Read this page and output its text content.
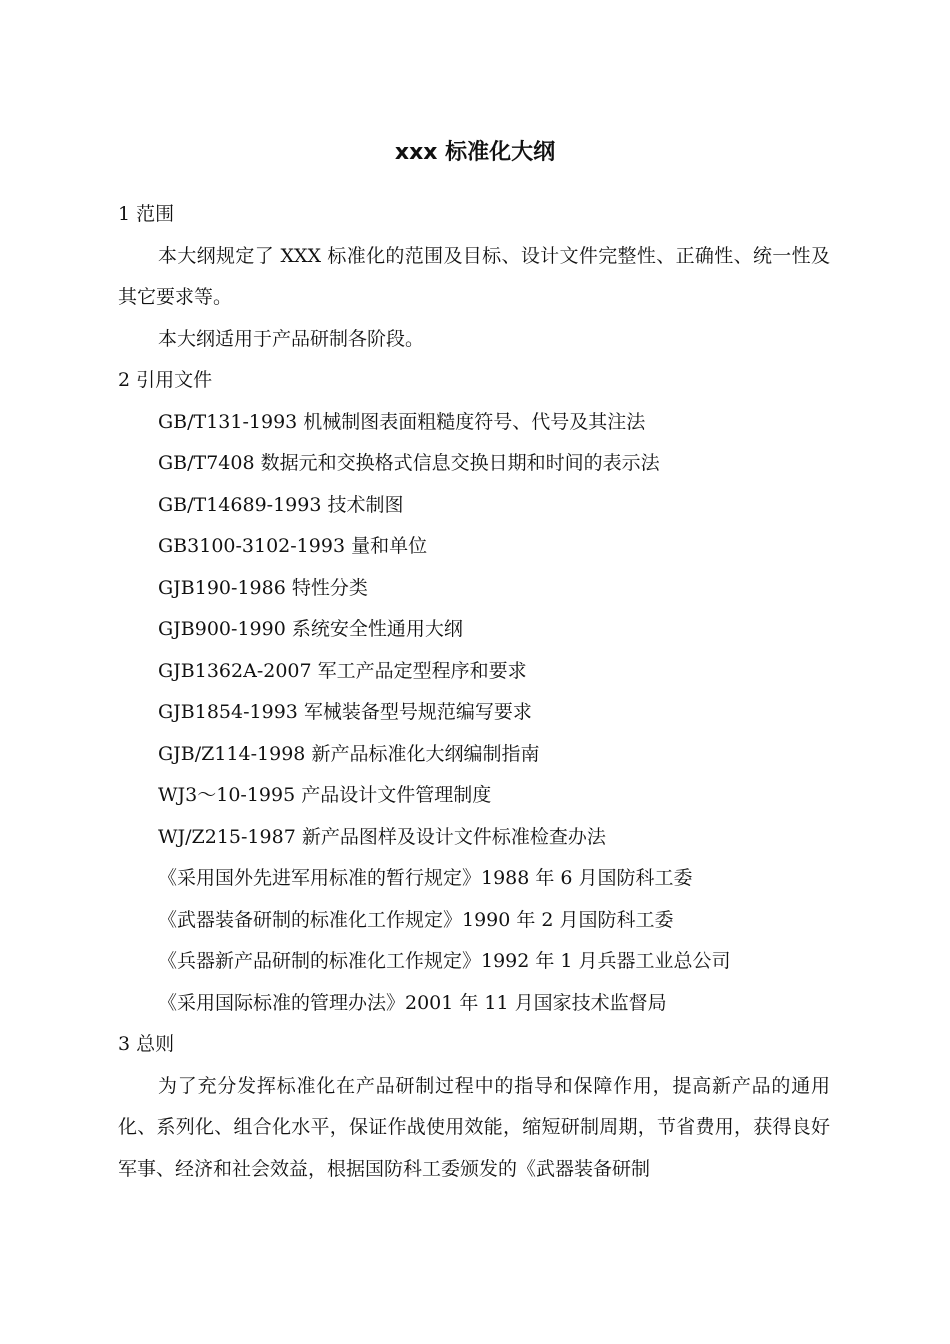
xxx 标准化大纲

1 范围

本大纲规定了 XXX 标准化的范围及目标、设计文件完整性、正确性、统一性及其它要求等。

本大纲适用于产品研制各阶段。

2 引用文件

GB/T131-1993 机械制图表面粗糙度符号、代号及其注法
GB/T7408 数据元和交换格式信息交换日期和时间的表示法
GB/T14689-1993 技术制图
GB3100-3102-1993 量和单位
GJB190-1986 特性分类
GJB900-1990 系统安全性通用大纲
GJB1362A-2007 军工产品定型程序和要求
GJB1854-1993 军械装备型号规范编写要求
GJB/Z114-1998 新产品标准化大纲编制指南
WJ3～10-1995 产品设计文件管理制度
WJ/Z215-1987 新产品图样及设计文件标准检查办法
《采用国外先进军用标准的暂行规定》1988 年 6 月国防科工委
《武器装备研制的标准化工作规定》1990 年 2 月国防科工委
《兵器新产品研制的标准化工作规定》1992 年 1 月兵器工业总公司
《采用国际标准的管理办法》2001 年 11 月国家技术监督局

3 总则

为了充分发挥标准化在产品研制过程中的指导和保障作用，提高新产品的通用化、系列化、组合化水平，保证作战使用效能，缩短研制周期，节省费用，获得良好军事、经济和社会效益，根据国防科工委颁发的《武器装备研制
